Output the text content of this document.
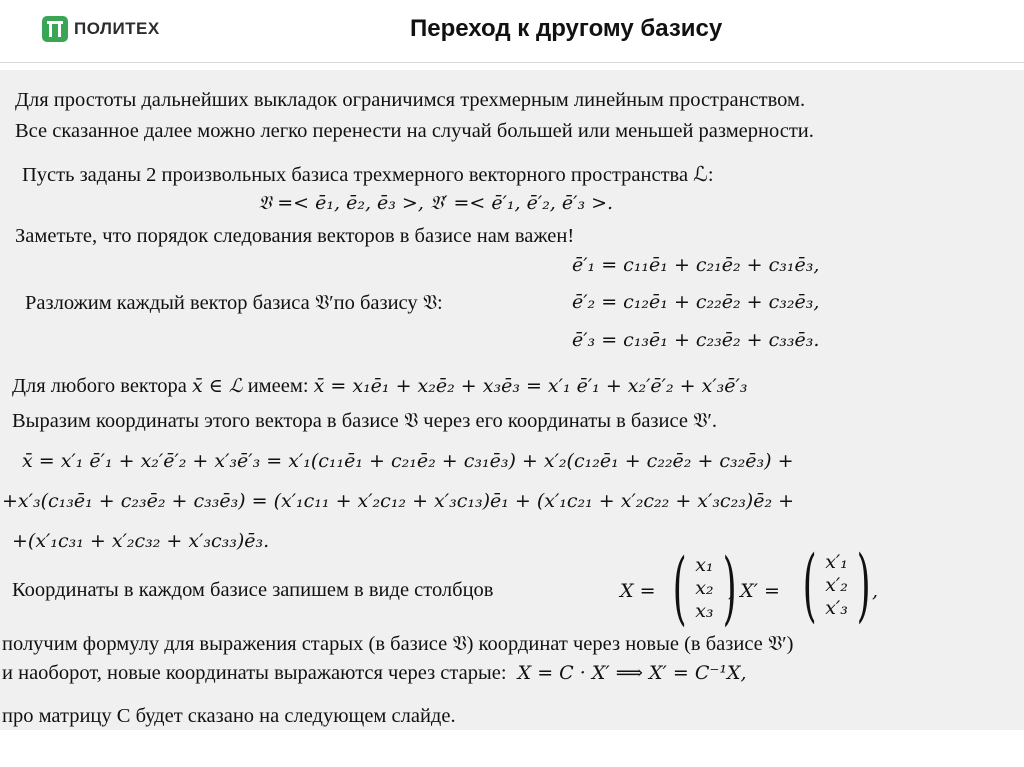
ПОЛИТЕХ	Переход к другому базису
Для простоты дальнейших выкладок ограничимся трехмерным линейным пространством.
Все сказанное далее можно легко перенести на случай большей или меньшей размерности.
Пусть заданы 2 произвольных базиса трехмерного векторного пространства ℒ:
𝔙 =< ē₁, ē₂, ē₃ >, 𝔙′ =< ē′₁, ē′₂, ē′₃ >.
Заметьте, что порядок следования векторов в базисе нам важен!
ē′₁ = c₁₁ē₁ + c₂₁ē₂ + c₃₁ē₃,
Разложим каждый вектор базиса 𝔙′по базису 𝔙:	ē′₂ = c₁₂ē₁ + c₂₂ē₂ + c₃₂ē₃,
ē′₃ = c₁₃ē₁ + c₂₃ē₂ + c₃₃ē₃.
Для любого вектора x̄ ∈ ℒ имеем: x̄ = x₁ē₁ + x₂ē₂ + x₃ē₃ = x′₁ ē′₁ + x₂′ē′₂ + x′₃ē′₃
Выразим координаты этого вектора в базисе 𝔙 через его координаты в базисе 𝔙′.
x̄ = x′₁ ē′₁ + x₂′ē′₂ + x′₃ē′₃ = x′₁(c₁₁ē₁ + c₂₁ē₂ + c₃₁ē₃) + x′₂(c₁₂ē₁ + c₂₂ē₂ + c₃₂ē₃) +
+x′₃(c₁₃ē₁ + c₂₃ē₂ + c₃₃ē₃) = (x′₁c₁₁ + x′₂c₁₂ + x′₃c₁₃)ē₁ + (x′₁c₂₁ + x′₂c₂₂ + x′₃c₂₃)ē₂ +
+(x′₁c₃₁ + x′₂c₃₂ + x′₃c₃₃)ē₃.
Координаты в каждом базисе запишем в виде столбцов	X = ( x₁
x₂
x₃ )
, X′ = ( x′₁
x′₂
x′₃ ) ,
получим формулу для выражения старых (в базисе 𝔙) координат через новые (в базисе 𝔙′)
и наоборот, новые координаты выражаются через старые: X = C · X′ ⟹ X′ = C⁻¹X,
про матрицу C будет сказано на следующем слайде.
